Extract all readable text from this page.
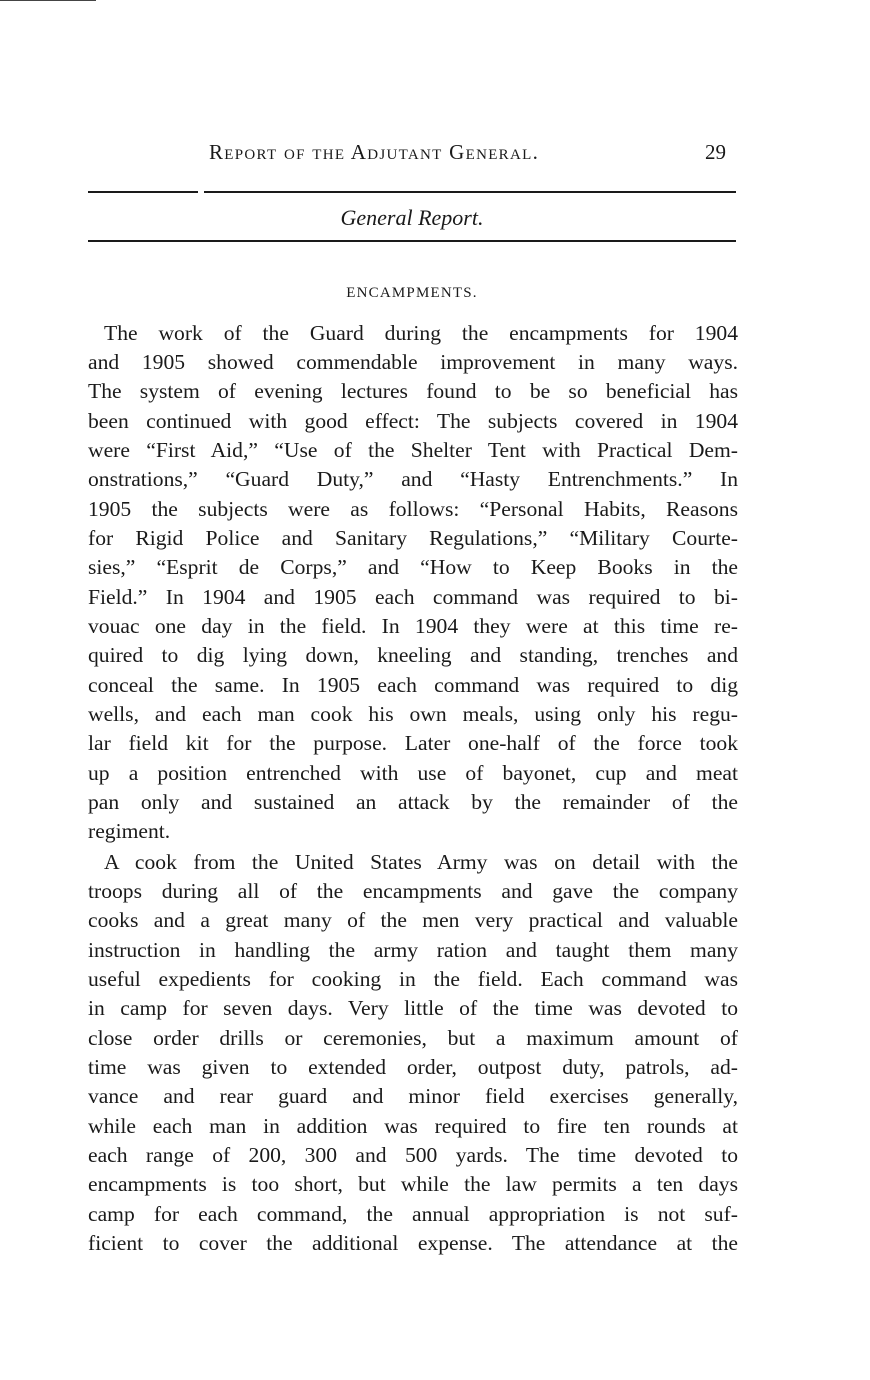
Report of the Adjutant General.	29
General Report.
ENCAMPMENTS.
The work of the Guard during the encampments for 1904
and 1905 showed commendable improvement in many ways.
The system of evening lectures found to be so beneficial has
been continued with good effect: The subjects covered in 1904
were “First Aid,” “Use of the Shelter Tent with Practical Dem-
onstrations,” “Guard Duty,” and “Hasty Entrenchments.” In
1905 the subjects were as follows: “Personal Habits, Reasons
for Rigid Police and Sanitary Regulations,” “Military Courte-
sies,” “Esprit de Corps,” and “How to Keep Books in the
Field.” In 1904 and 1905 each command was required to bi-
vouac one day in the field. In 1904 they were at this time re-
quired to dig lying down, kneeling and standing, trenches and
conceal the same. In 1905 each command was required to dig
wells, and each man cook his own meals, using only his regu-
lar field kit for the purpose. Later one-half of the force took
up a position entrenched with use of bayonet, cup and meat
pan only and sustained an attack by the remainder of the
regiment.
A cook from the United States Army was on detail with the
troops during all of the encampments and gave the company
cooks and a great many of the men very practical and valuable
instruction in handling the army ration and taught them many
useful expedients for cooking in the field. Each command was
in camp for seven days. Very little of the time was devoted to
close order drills or ceremonies, but a maximum amount of
time was given to extended order, outpost duty, patrols, ad-
vance and rear guard and minor field exercises generally,
while each man in addition was required to fire ten rounds at
each range of 200, 300 and 500 yards. The time devoted to
encampments is too short, but while the law permits a ten days
camp for each command, the annual appropriation is not suf-
ficient to cover the additional expense. The attendance at the
